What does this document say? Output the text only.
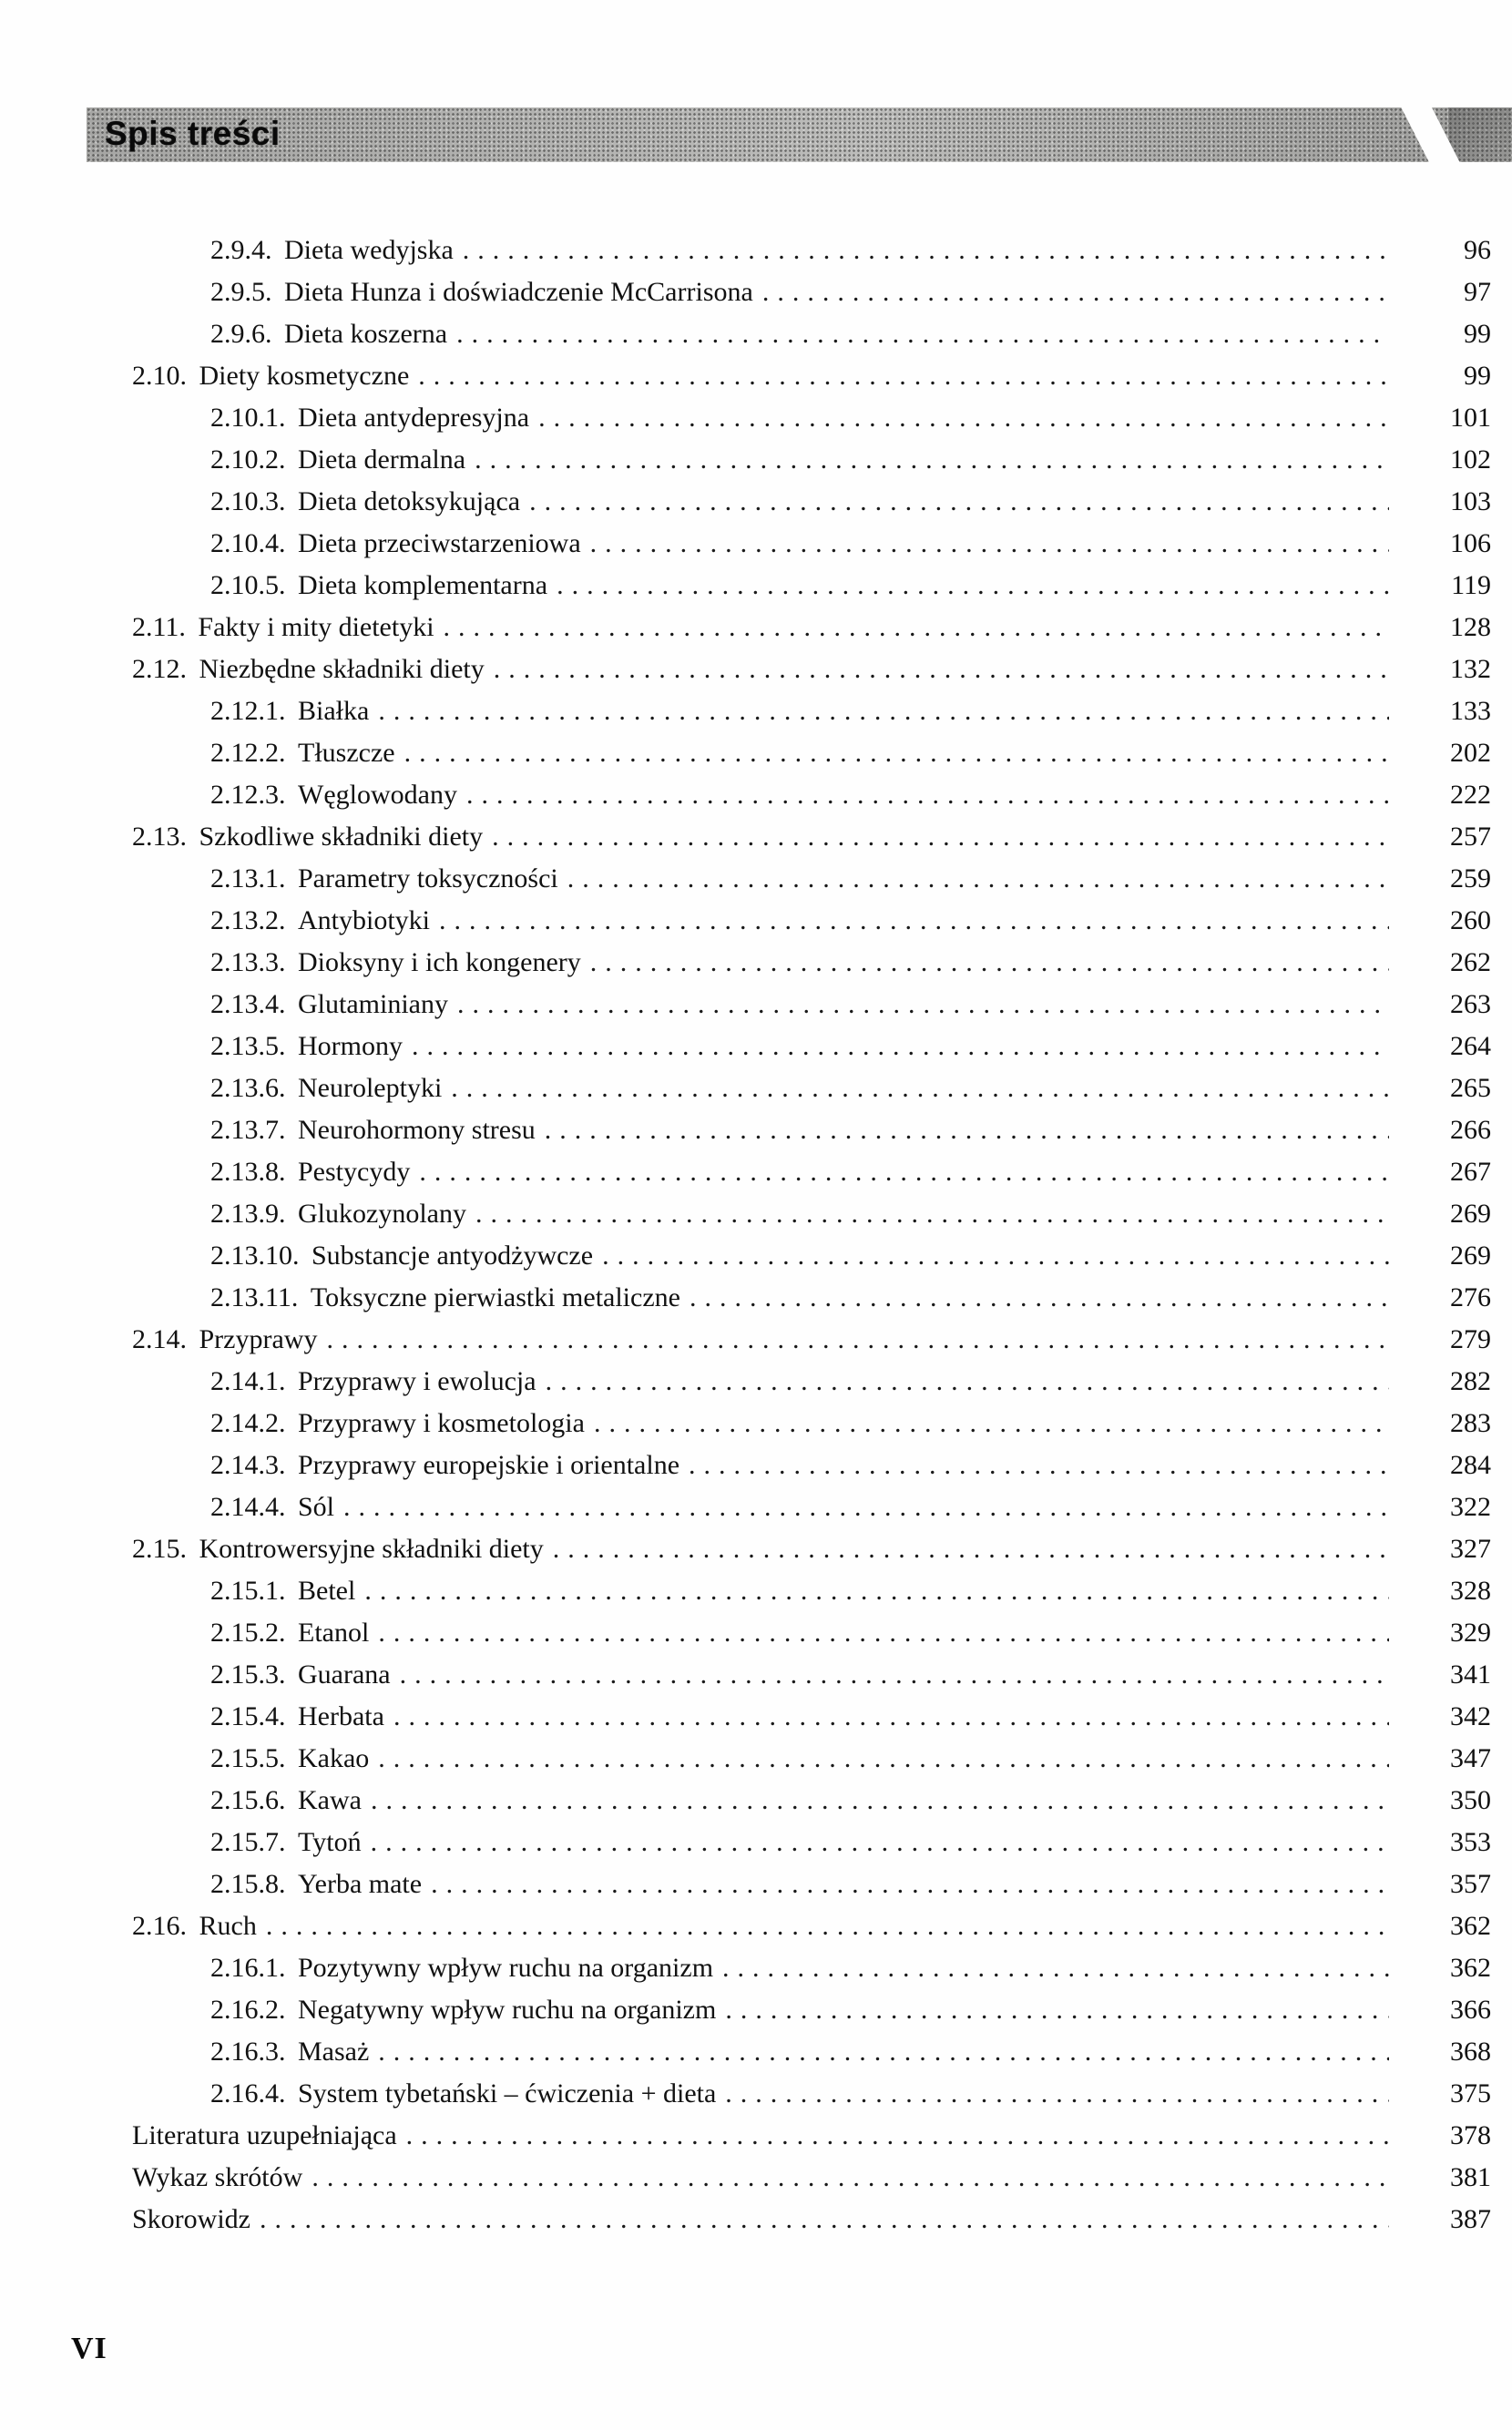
Spis treści
2.9.4. Dieta wedyjska .....	96
2.9.5. Dieta Hunza i doświadczenie McCarrisona .....	97
2.9.6. Dieta koszerna .....	99
2.10. Diety kosmetyczne .....	99
2.10.1. Dieta antydepresyjna .....	101
2.10.2. Dieta dermalna .....	102
2.10.3. Dieta detoksykująca .....	103
2.10.4. Dieta przeciwstarzeniowa .....	106
2.10.5. Dieta komplementarna .....	119
2.11. Fakty i mity dietetyki .....	128
2.12. Niezbędne składniki diety .....	132
2.12.1. Białka .....	133
2.12.2. Tłuszcze .....	202
2.12.3. Węglowodany .....	222
2.13. Szkodliwe składniki diety .....	257
2.13.1. Parametry toksyczności .....	259
2.13.2. Antybiotyki .....	260
2.13.3. Dioksyny i ich kongenery .....	262
2.13.4. Glutaminiany .....	263
2.13.5. Hormony .....	264
2.13.6. Neuroleptyki .....	265
2.13.7. Neurohormony stresu .....	266
2.13.8. Pestycydy .....	267
2.13.9. Glukozynolany .....	269
2.13.10. Substancje antyodżywcze .....	269
2.13.11. Toksyczne pierwiastki metaliczne .....	276
2.14. Przyprawy .....	279
2.14.1. Przyprawy i ewolucja .....	282
2.14.2. Przyprawy i kosmetologia .....	283
2.14.3. Przyprawy europejskie i orientalne .....	284
2.14.4. Sól .....	322
2.15. Kontrowersyjne składniki diety .....	327
2.15.1. Betel .....	328
2.15.2. Etanol .....	329
2.15.3. Guarana .....	341
2.15.4. Herbata .....	342
2.15.5. Kakao .....	347
2.15.6. Kawa .....	350
2.15.7. Tytoń .....	353
2.15.8. Yerba mate .....	357
2.16. Ruch .....	362
2.16.1. Pozytywny wpływ ruchu na organizm .....	362
2.16.2. Negatywny wpływ ruchu na organizm .....	366
2.16.3. Masaż .....	368
2.16.4. System tybetański – ćwiczenia + dieta .....	375
Literatura uzupełniająca .....	378
Wykaz skrótów .....	381
Skorowidz .....	387
VI
